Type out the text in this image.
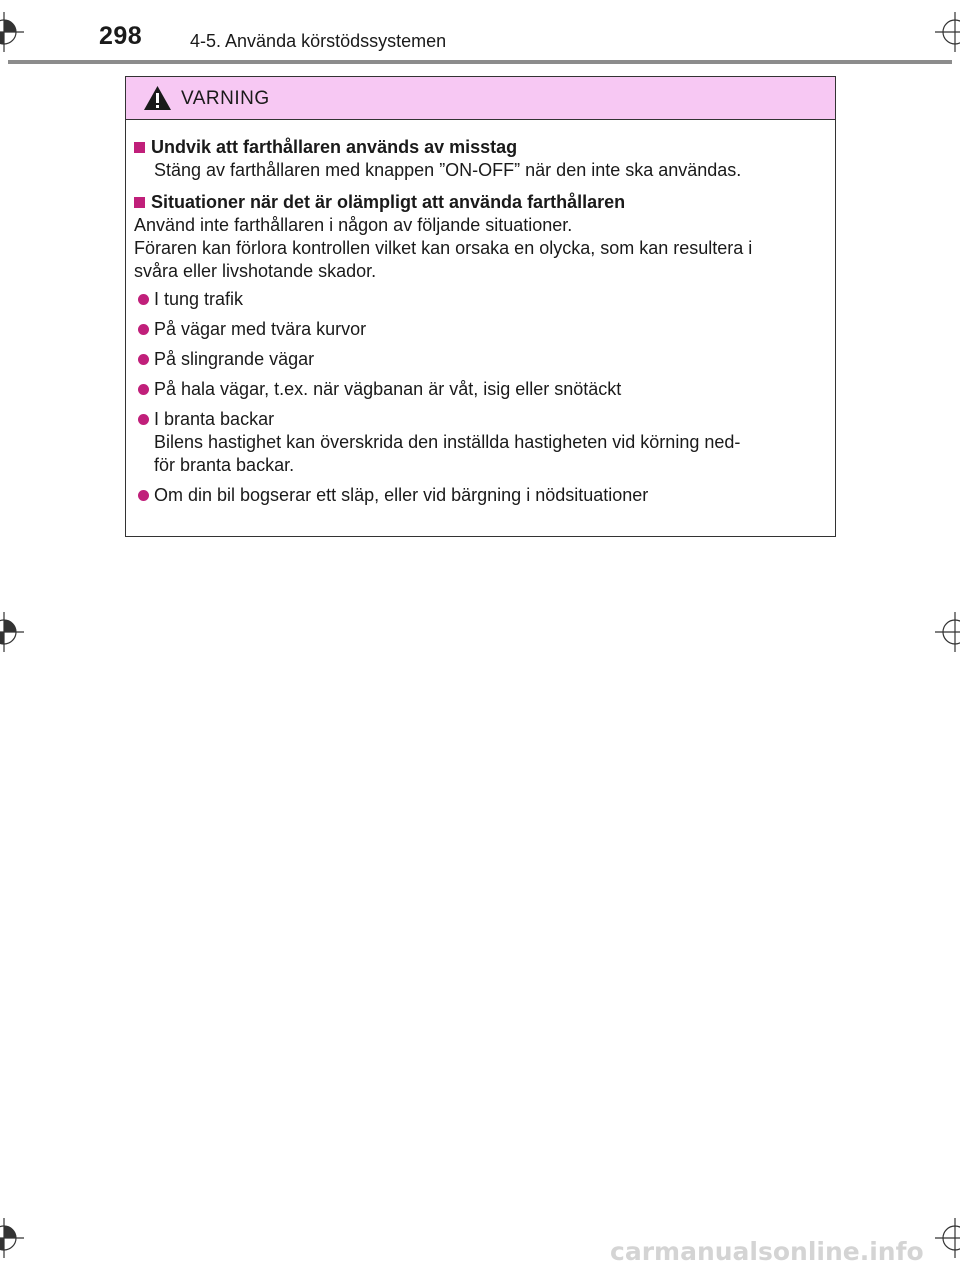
298	4-5. Använda körstödssystemen
VARNING
Undvik att farthållaren används av misstag
Stäng av farthållaren med knappen ”ON-OFF” när den inte ska användas.
Situationer när det är olämpligt att använda farthållaren
Använd inte farthållaren i någon av följande situationer.
Föraren kan förlora kontrollen vilket kan orsaka en olycka, som kan resultera i
svåra eller livshotande skador.
I tung trafik
På vägar med tvära kurvor
På slingrande vägar
På hala vägar, t.ex. när vägbanan är våt, isig eller snötäckt
I branta backar
Bilens hastighet kan överskrida den inställda hastigheten vid körning ned-
för branta backar.
Om din bil bogserar ett släp, eller vid bärgning i nödsituationer
carmanualsonline.info
